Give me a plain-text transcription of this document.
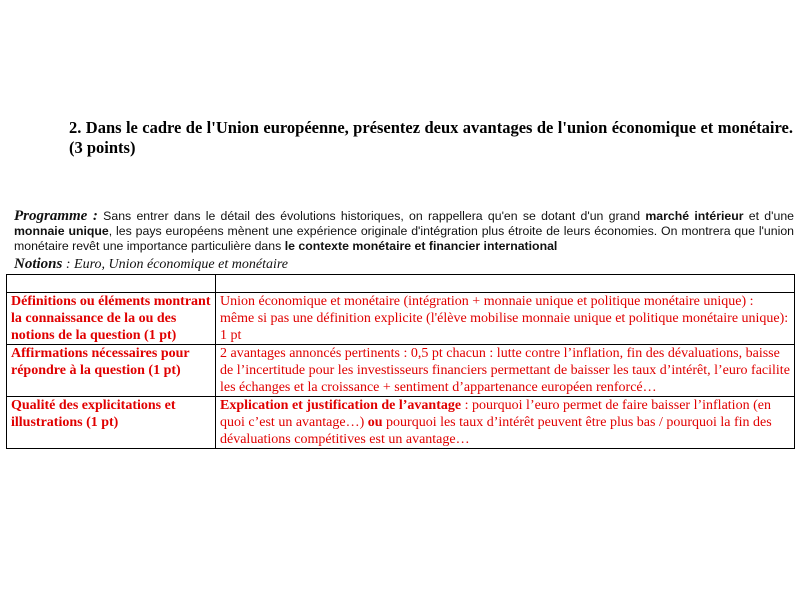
2. Dans le cadre de l'Union européenne, présentez deux avantages de l'union économique et monétaire. (3 points)
Programme : Sans entrer dans le détail des évolutions historiques, on rappellera qu'en se dotant d'un grand marché intérieur et d'une monnaie unique, les pays européens mènent une expérience originale d'intégration plus étroite de leurs économies. On montrera que l'union monétaire revêt une importance particulière dans le contexte monétaire et financier international
Notions : Euro, Union économique et monétaire

Définitions ou éléments montrant la connaissance de la ou des notions de la question (1 pt)	Union économique et monétaire (intégration + monnaie unique et politique monétaire unique) : même si pas une définition explicite (l'élève mobilise monnaie unique et politique monétaire unique): 1 pt
Affirmations nécessaires pour répondre à la question (1 pt)	2 avantages annoncés pertinents : 0,5 pt chacun : lutte contre l’inflation, fin des dévaluations, baisse de l’incertitude pour les investisseurs financiers permettant de baisser les taux d’intérêt, l’euro facilite les échanges et la croissance + sentiment d’appartenance européen renforcé…
Qualité des explicitations et illustrations (1 pt)	Explication et justification de l’avantage : pourquoi l’euro permet de faire baisser l’inflation (en quoi c’est un avantage…) ou pourquoi les taux d’intérêt peuvent être plus bas / pourquoi la fin des dévaluations compétitives est un avantage…
